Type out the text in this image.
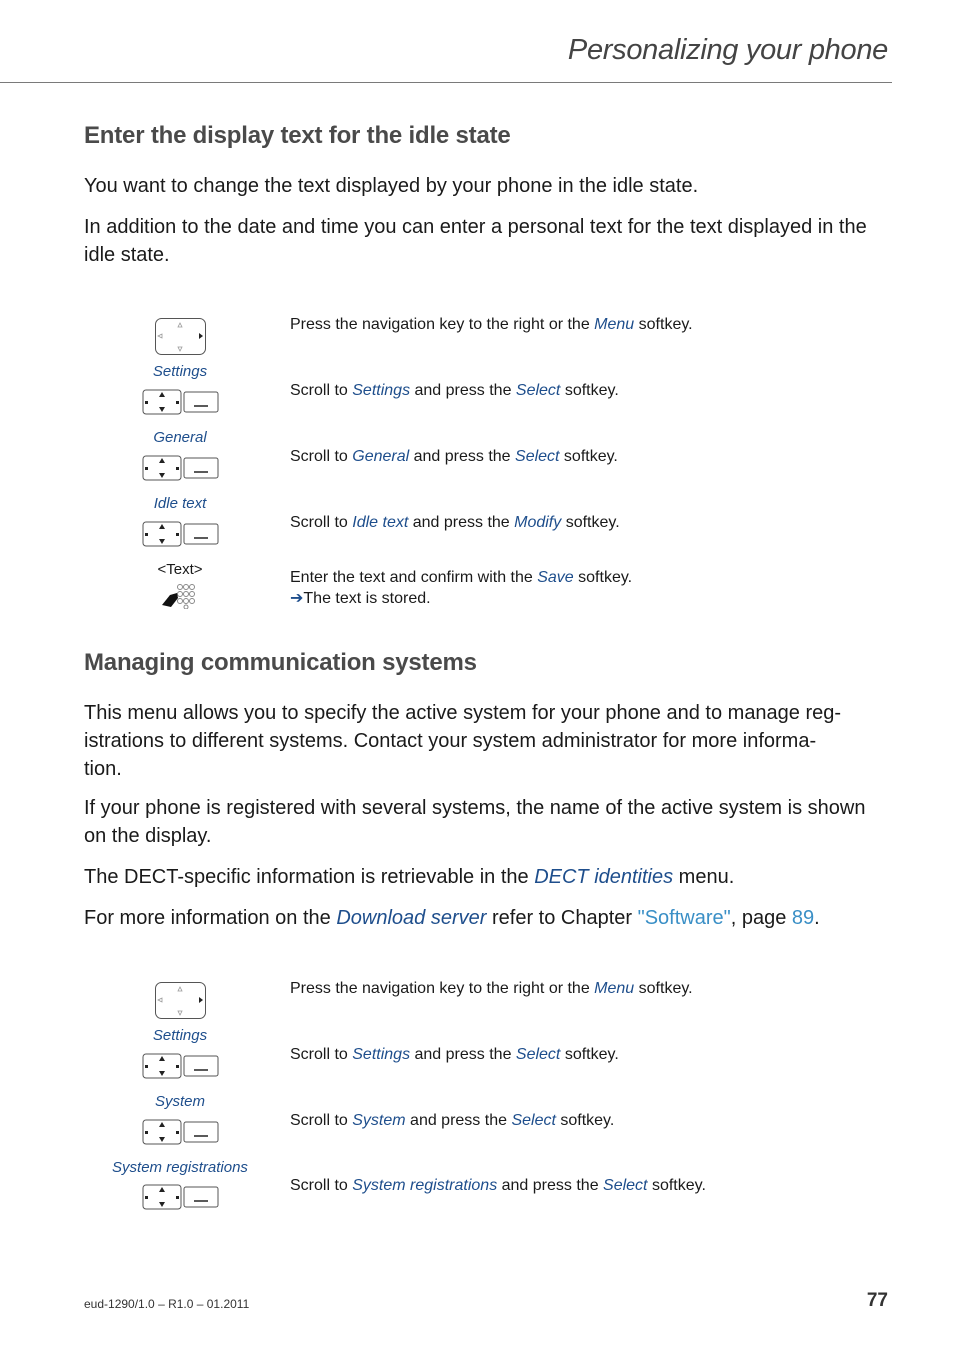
Personalizing your phone
Enter the display text for the idle state
You want to change the text displayed by your phone in the idle state.
In addition to the date and time you can enter a personal text for the text displayed in the idle state.
Settings
General
Idle text
<Text>
Press the navigation key to the right or the Menu softkey.
Scroll to Settings and press the Select softkey.
Scroll to General and press the Select softkey.
Scroll to Idle text and press the Modify softkey.
Enter the text and confirm with the Save softkey.
➔The text is stored.
Managing communication systems
This menu allows you to specify the active system for your phone and to manage reg-
istrations to different systems. Contact your system administrator for more informa-
tion.
If your phone is registered with several systems, the name of the active system is shown on the display.
The DECT-specific information is retrievable in the DECT identities menu.
For more information on the Download server refer to Chapter "Software", page 89.
Settings
System
System registrations
Press the navigation key to the right or the Menu softkey.
Scroll to Settings and press the Select softkey.
Scroll to System and press the Select softkey.
Scroll to System registrations and press the Select softkey.
eud-1290/1.0 – R1.0 – 01.2011	77
